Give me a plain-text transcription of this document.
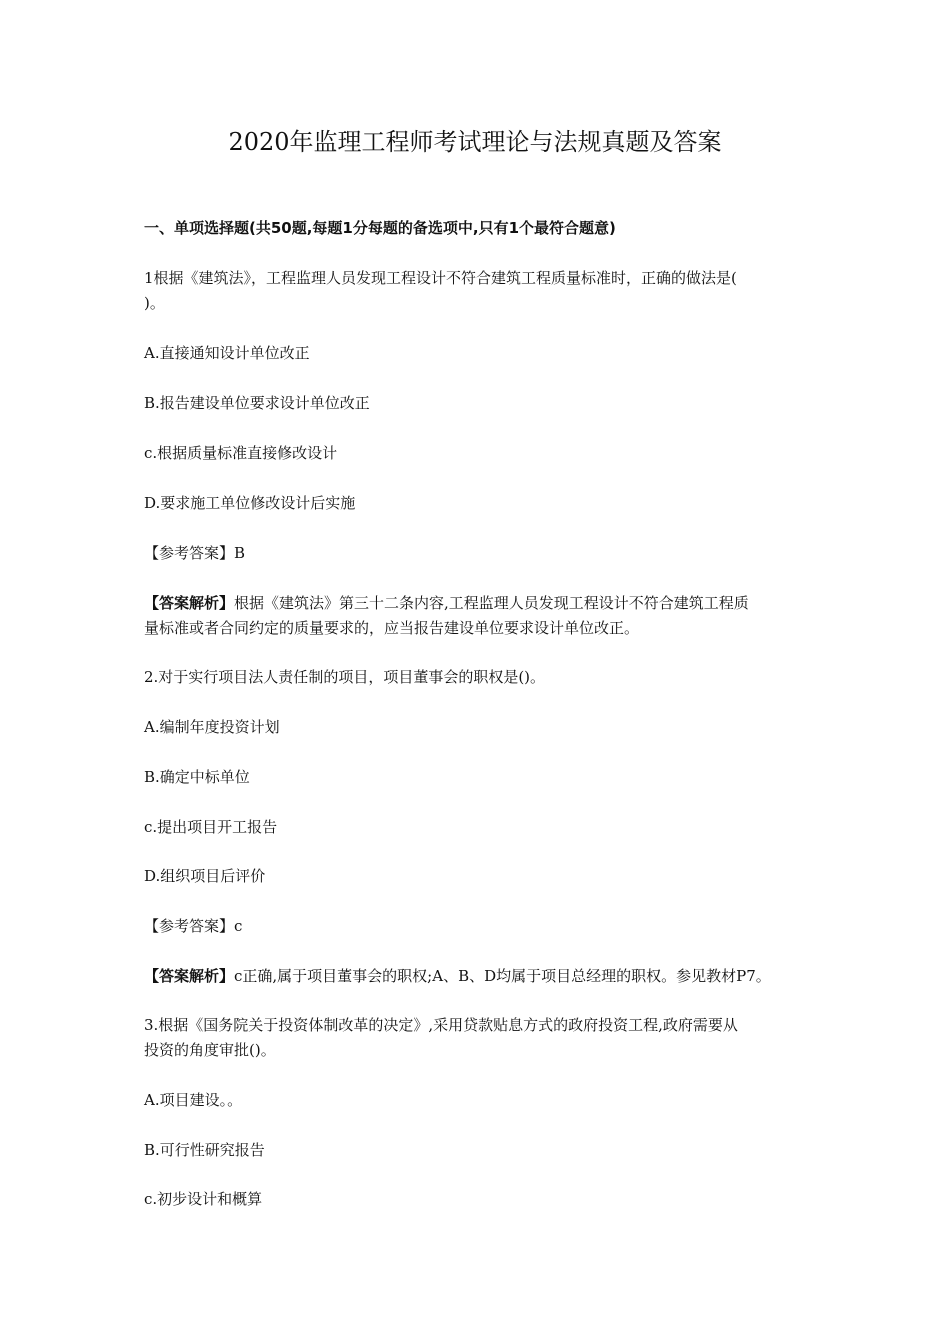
2020年监理工程师考试理论与法规真题及答案

一、单项选择题(共50题,每题1分每题的备选项中,只有1个最符合题意)

1根据《建筑法》，工程监理人员发现工程设计不符合建筑工程质量标准时，正确的做法是(

)。

A.直接通知设计单位改正

B.报告建设单位要求设计单位改正

c.根据质量标准直接修改设计

D.要求施工单位修改设计后实施

【参考答案】B

【答案解析】根据《建筑法》第三十二条内容,工程监理人员发现工程设计不符合建筑工程质

量标准或者合同约定的质量要求的，应当报告建设单位要求设计单位改正。

2.对于实行项目法人责任制的项目，项目董事会的职权是()。

A.编制年度投资计划

B.确定中标单位

c.提出项目开工报告

D.组织项目后评价

【参考答案】c

【答案解析】c正确,属于项目董事会的职权;A、B、D均属于项目总经理的职权。参见教材P7。

3.根据《国务院关于投资体制改革的决定》,采用贷款贴息方式的政府投资工程,政府需要从

投资的角度审批()。

A.项目建设。。

B.可行性研究报告

c.初步设计和概算
